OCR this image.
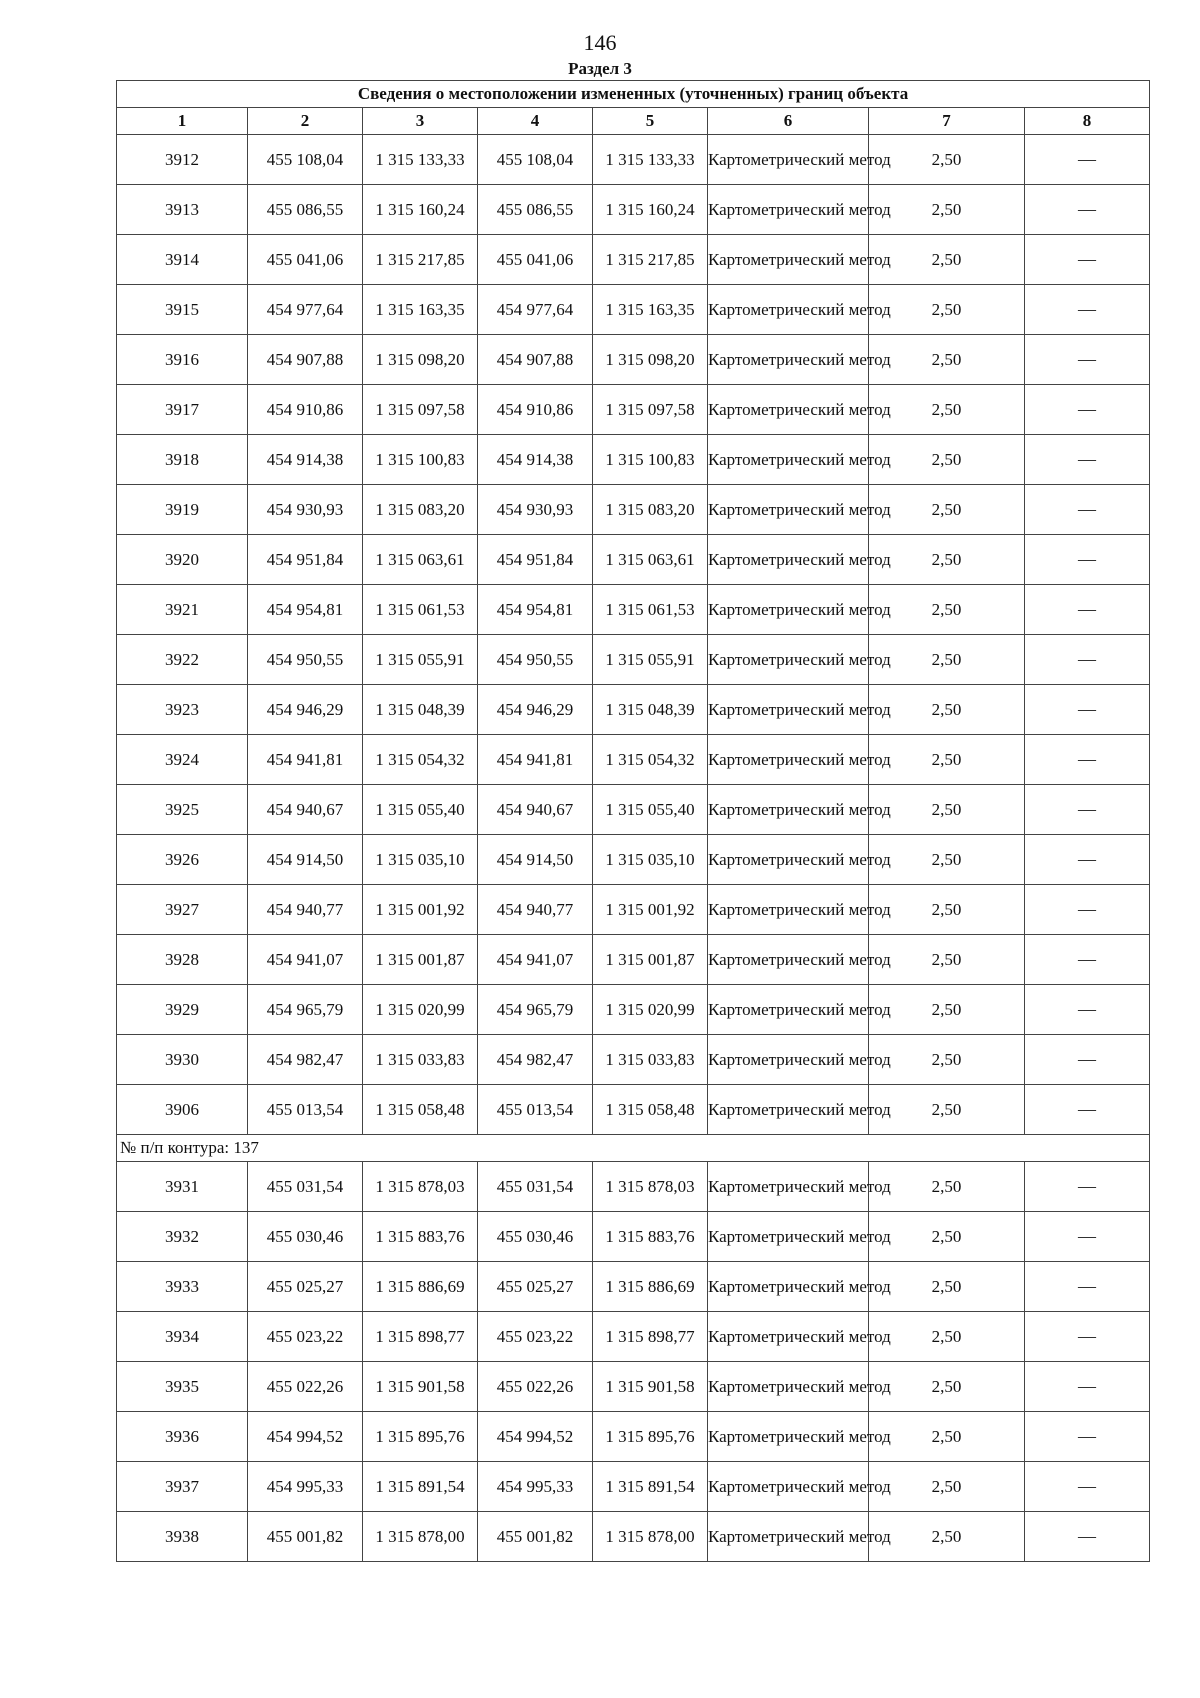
146
Раздел 3
Сведения о местоположении измененных (уточненных) границ объекта							
1	2	3	4	5	6	7	8
3912	455 108,04	1 315 133,33	455 108,04	1 315 133,33	Картометрический метод	2,50	—
3913	455 086,55	1 315 160,24	455 086,55	1 315 160,24	Картометрический метод	2,50	—
3914	455 041,06	1 315 217,85	455 041,06	1 315 217,85	Картометрический метод	2,50	—
3915	454 977,64	1 315 163,35	454 977,64	1 315 163,35	Картометрический метод	2,50	—
3916	454 907,88	1 315 098,20	454 907,88	1 315 098,20	Картометрический метод	2,50	—
3917	454 910,86	1 315 097,58	454 910,86	1 315 097,58	Картометрический метод	2,50	—
3918	454 914,38	1 315 100,83	454 914,38	1 315 100,83	Картометрический метод	2,50	—
3919	454 930,93	1 315 083,20	454 930,93	1 315 083,20	Картометрический метод	2,50	—
3920	454 951,84	1 315 063,61	454 951,84	1 315 063,61	Картометрический метод	2,50	—
3921	454 954,81	1 315 061,53	454 954,81	1 315 061,53	Картометрический метод	2,50	—
3922	454 950,55	1 315 055,91	454 950,55	1 315 055,91	Картометрический метод	2,50	—
3923	454 946,29	1 315 048,39	454 946,29	1 315 048,39	Картометрический метод	2,50	—
3924	454 941,81	1 315 054,32	454 941,81	1 315 054,32	Картометрический метод	2,50	—
3925	454 940,67	1 315 055,40	454 940,67	1 315 055,40	Картометрический метод	2,50	—
3926	454 914,50	1 315 035,10	454 914,50	1 315 035,10	Картометрический метод	2,50	—
3927	454 940,77	1 315 001,92	454 940,77	1 315 001,92	Картометрический метод	2,50	—
3928	454 941,07	1 315 001,87	454 941,07	1 315 001,87	Картометрический метод	2,50	—
3929	454 965,79	1 315 020,99	454 965,79	1 315 020,99	Картометрический метод	2,50	—
3930	454 982,47	1 315 033,83	454 982,47	1 315 033,83	Картометрический метод	2,50	—
3906	455 013,54	1 315 058,48	455 013,54	1 315 058,48	Картометрический метод	2,50	—
№ п/п контура: 137							
3931	455 031,54	1 315 878,03	455 031,54	1 315 878,03	Картометрический метод	2,50	—
3932	455 030,46	1 315 883,76	455 030,46	1 315 883,76	Картометрический метод	2,50	—
3933	455 025,27	1 315 886,69	455 025,27	1 315 886,69	Картометрический метод	2,50	—
3934	455 023,22	1 315 898,77	455 023,22	1 315 898,77	Картометрический метод	2,50	—
3935	455 022,26	1 315 901,58	455 022,26	1 315 901,58	Картометрический метод	2,50	—
3936	454 994,52	1 315 895,76	454 994,52	1 315 895,76	Картометрический метод	2,50	—
3937	454 995,33	1 315 891,54	454 995,33	1 315 891,54	Картометрический метод	2,50	—
3938	455 001,82	1 315 878,00	455 001,82	1 315 878,00	Картометрический метод	2,50	—
